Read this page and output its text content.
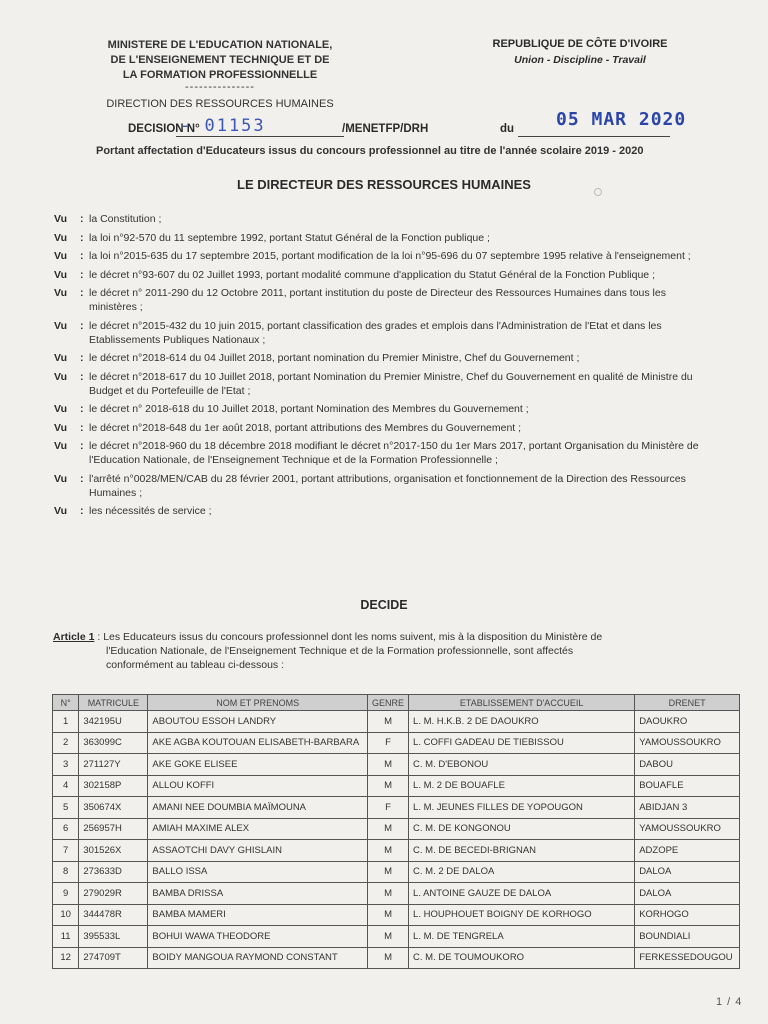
MINISTERE DE L'EDUCATION NATIONALE,
DE L'ENSEIGNEMENT TECHNIQUE ET DE
LA FORMATION PROFESSIONNELLE
---------------
DIRECTION DES RESSOURCES HUMAINES
REPUBLIQUE DE CÔTE D'IVOIRE
Union - Discipline - Travail
DECISION N°
- 01153	/MENETFP/DRH	du 05 MAR 2020
Portant affectation d'Educateurs issus du concours professionnel au titre de l'année scolaire 2019 - 2020
LE DIRECTEUR DES RESSOURCES HUMAINES
Vu	: la Constitution ;
Vu	: la loi n°92-570 du 11 septembre 1992, portant Statut Général de la Fonction publique ;
Vu	: la loi n°2015-635 du 17 septembre 2015, portant modification de la loi n°95-696 du 07 septembre 1995 relative à l'enseignement ;
Vu	: le décret n°93-607 du 02 Juillet 1993, portant modalité commune d'application du Statut Général de la Fonction Publique ;
Vu	: le décret n° 2011-290 du 12 Octobre 2011, portant institution du poste de Directeur des Ressources Humaines dans tous les ministères ;
Vu	: le décret n°2015-432 du 10 juin 2015, portant classification des grades et emplois dans l'Administration de l'Etat et dans les Etablissements Publiques Nationaux ;
Vu	: le décret n°2018-614 du 04 Juillet 2018, portant nomination du Premier Ministre, Chef du Gouvernement ;
Vu	: le décret n°2018-617 du 10 Juillet 2018, portant Nomination du Premier Ministre, Chef du Gouvernement en qualité de Ministre du Budget et du Portefeuille de l'Etat ;
Vu	: le décret n° 2018-618 du 10 Juillet 2018, portant Nomination des Membres du Gouvernement ;
Vu	: le décret n°2018-648 du 1er août 2018, portant attributions des Membres du Gouvernement ;
Vu	: le décret n°2018-960 du 18 décembre 2018 modifiant le décret n°2017-150 du 1er Mars 2017, portant Organisation du Ministère de l'Education Nationale, de l'Enseignement Technique et de la Formation Professionnelle ;
Vu	: l'arrêté n°0028/MEN/CAB du 28 février 2001, portant attributions, organisation et fonctionnement de la Direction des Ressources Humaines ;
Vu	: les nécessités de service ;
DECIDE
Article 1 : Les Educateurs issus du concours professionnel dont les noms suivent, mis à la disposition du Ministère de
l'Education Nationale, de l'Enseignement Technique et de la Formation professionnelle, sont affectés
conformément au tableau ci-dessous :
N°	MATRICULE	NOM ET PRENOMS	GENRE	ETABLISSEMENT D'ACCUEIL	DRENET
1	342195U	ABOUTOU ESSOH LANDRY	M	L. M. H.K.B. 2 DE DAOUKRO	DAOUKRO
2	363099C	AKE AGBA KOUTOUAN ELISABETH-BARBARA	F	L. COFFI GADEAU DE TIEBISSOU	YAMOUSSOUKRO
3	271127Y	AKE GOKE ELISEE	M	C. M. D'EBONOU	DABOU
4	302158P	ALLOU KOFFI	M	L. M. 2 DE BOUAFLE	BOUAFLE
5	350674X	AMANI NEE DOUMBIA MAÏMOUNA	F	L. M. JEUNES FILLES DE YOPOUGON	ABIDJAN 3
6	256957H	AMIAH MAXIME ALEX	M	C. M. DE KONGONOU	YAMOUSSOUKRO
7	301526X	ASSAOTCHI DAVY GHISLAIN	M	C. M. DE BECEDI-BRIGNAN	ADZOPE
8	273633D	BALLO ISSA	M	C. M. 2 DE DALOA	DALOA
9	279029R	BAMBA DRISSA	M	L. ANTOINE GAUZE DE DALOA	DALOA
10	344478R	BAMBA MAMERI	M	L. HOUPHOUET BOIGNY DE KORHOGO	KORHOGO
11	395533L	BOHUI WAWA THEODORE	M	L. M. DE TENGRELA	BOUNDIALI
12	274709T	BOIDY MANGOUA RAYMOND CONSTANT	M	C. M. DE TOUMOUKORO	FERKESSEDOUGOU
1 / 4
